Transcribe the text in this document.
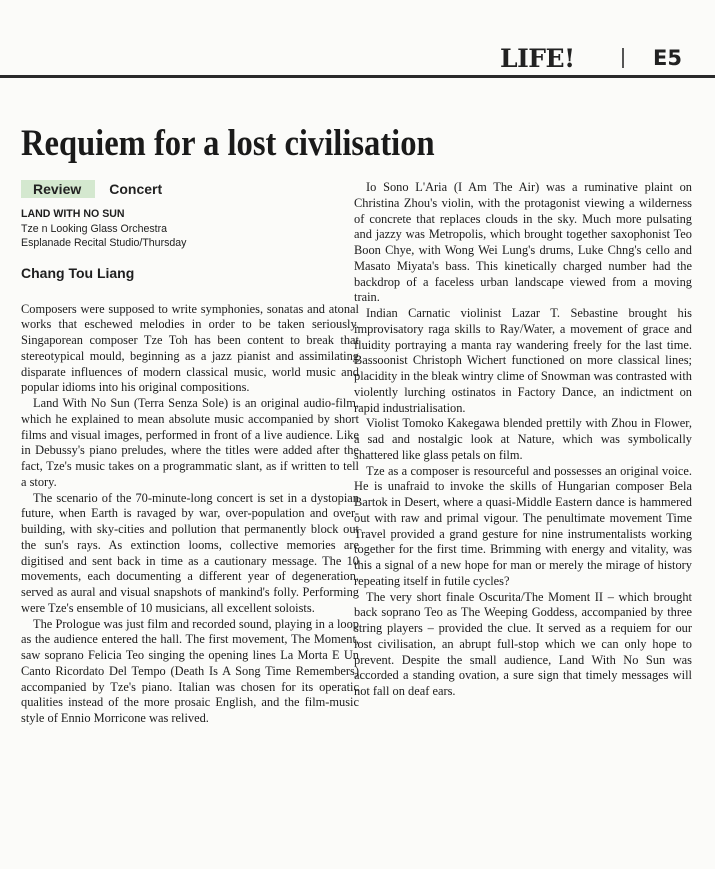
LIFE!	E5
Requiem for a lost civilisation
Review Concert
LAND WITH NO SUN
Tze n Looking Glass Orchestra
Esplanade Recital Studio/Thursday
Chang Tou Liang

Composers were supposed to write symphonies, sonatas and atonal works that eschewed melodies in order to be taken seriously. Singaporean composer Tze Toh has been content to break that stereotypical mould, beginning as a jazz pianist and assimilating disparate influences of modern classical music, world music and popular idioms into his original compositions.

Land With No Sun (Terra Senza Sole) is an original audio-film, which he explained to mean absolute music accompanied by short films and visual images, performed in front of a live audience. Like in Debussy's piano preludes, where the titles were added after the fact, Tze's music takes on a programmatic slant, as if written to tell a story.

The scenario of the 70-minute-long concert is set in a dystopian future, when Earth is ravaged by war, over-population and over-building, with sky-cities and pollution that permanently block out the sun's rays. As extinction looms, collective memories are digitised and sent back in time as a cautionary message. The 10 movements, each documenting a different year of degeneration, served as aural and visual snapshots of mankind's folly. Performing were Tze's ensemble of 10 musicians, all excellent soloists.

The Prologue was just film and recorded sound, playing in a loop as the audience entered the hall. The first movement, The Moment, saw soprano Felicia Teo singing the opening lines La Morta E Un Canto Ricordato Del Tempo (Death Is A Song Time Remembers) accompanied by Tze's piano. Italian was chosen for its operatic qualities instead of the more prosaic English, and the film-music style of Ennio Morricone was relived.

Io Sono L'Aria (I Am The Air) was a ruminative plaint on Christina Zhou's violin, with the protagonist viewing a wilderness of concrete that replaces clouds in the sky. Much more pulsating and jazzy was Metropolis, which brought together saxophonist Teo Boon Chye, with Wong Wei Lung's drums, Luke Chng's cello and Masato Miyata's bass. This kinetically charged number had the backdrop of a faceless urban landscape viewed from a moving train.

Indian Carnatic violinist Lazar T. Sebastine brought his improvisatory raga skills to Ray/Water, a movement of grace and fluidity portraying a manta ray wandering freely for the last time. Bassoonist Christoph Wichert functioned on more classical lines; placidity in the bleak wintry clime of Snowman was contrasted with violently lurching ostinatos in Factory Dance, an indictment on rapid industrialisation.

Violist Tomoko Kakegawa blended prettily with Zhou in Flower, a sad and nostalgic look at Nature, which was symbolically shattered like glass petals on film.

Tze as a composer is resourceful and possesses an original voice. He is unafraid to invoke the skills of Hungarian composer Bela Bartok in Desert, where a quasi-Middle Eastern dance is hammered out with raw and primal vigour. The penultimate movement Time Travel provided a grand gesture for nine instrumentalists working together for the first time. Brimming with energy and vitality, was this a signal of a new hope for man or merely the mirage of history repeating itself in futile cycles?

The very short finale Oscurita/The Moment II – which brought back soprano Teo as The Weeping Goddess, accompanied by three string players – provided the clue. It served as a requiem for our lost civilisation, an abrupt full-stop which we can only hope to prevent. Despite the small audience, Land With No Sun was accorded a standing ovation, a sure sign that timely messages will not fall on deaf ears.
